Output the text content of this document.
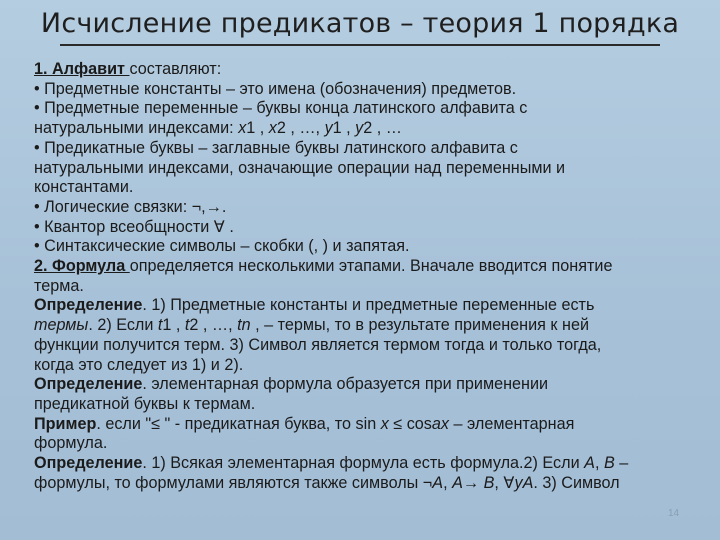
Исчисление предикатов – теория 1 порядка
1. Алфавит составляют:
• Предметные константы – это имена (обозначения) предметов.
• Предметные переменные – буквы конца латинского алфавита с
натуральными индексами: x1 , x2 , …, y1 , y2 , …
• Предикатные буквы – заглавные буквы латинского алфавита с
натуральными индексами, означающие операции над переменными и
константами.
• Логические связки: ¬,→.
• Квантор всеобщности ∀ .
• Синтаксические символы – скобки (, ) и запятая.
2. Формула определяется несколькими этапами. Вначале вводится понятие
терма.
Определение. 1) Предметные константы и предметные переменные есть
термы. 2) Если t1 , t2 , …, tn , – термы, то в результате применения к ней
функции получится терм. 3) Символ является термом тогда и только тогда,
когда это следует из 1) и 2).
Определение. элементарная формула образуется при применении
предикатной буквы к термам.
Пример. если "≤ " - предикатная буква, то sin x ≤ cosax – элементарная
формула.
Определение. 1) Всякая элементарная формула есть формула.2) Если A, B –
формулы, то формулами являются также символы ¬A, A→ B, ∀yA. 3) Символ
14
